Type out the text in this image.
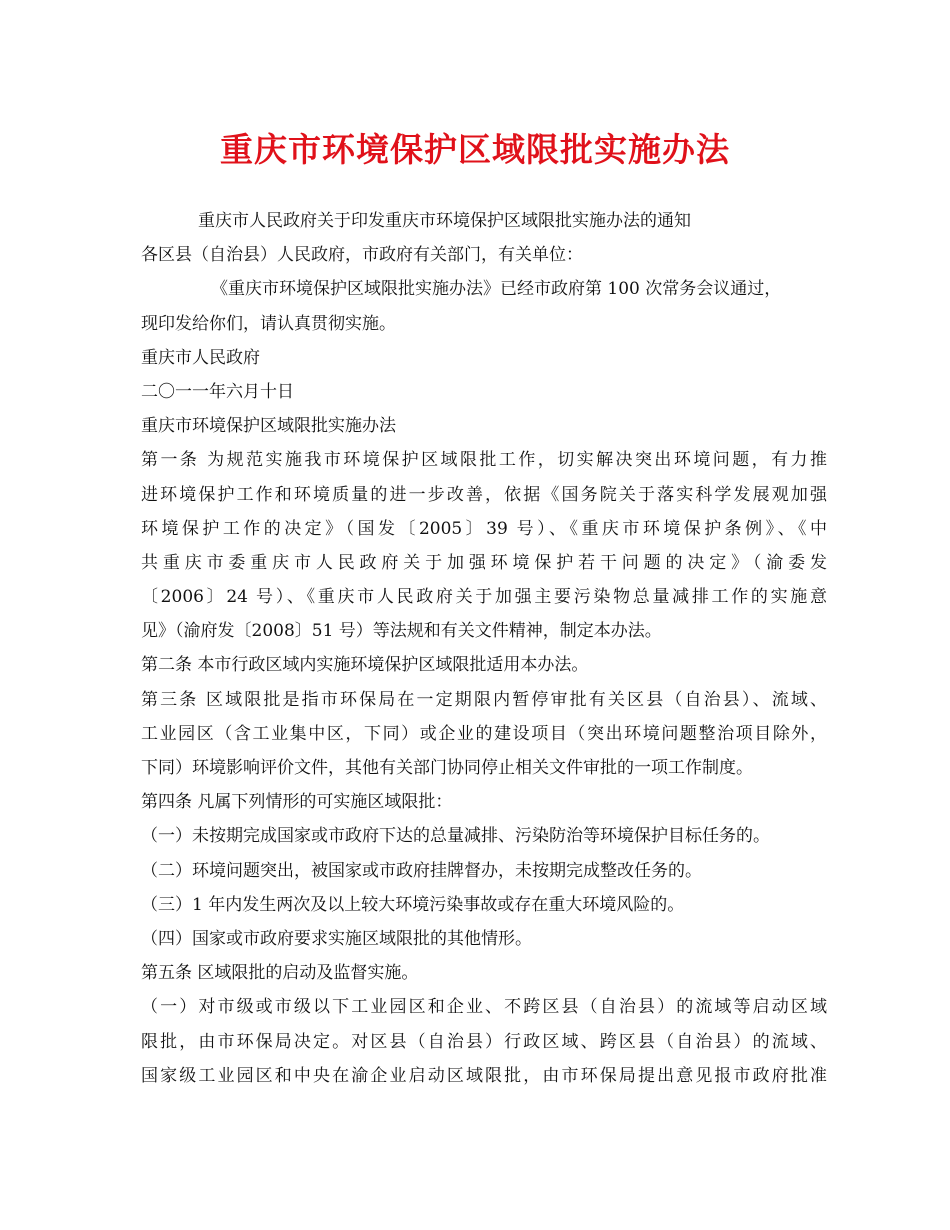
重庆市环境保护区域限批实施办法
重庆市人民政府关于印发重庆市环境保护区域限批实施办法的通知
各区县（自治县）人民政府，市政府有关部门，有关单位：
《重庆市环境保护区域限批实施办法》已经市政府第 100 次常务会议通过，
现印发给你们，请认真贯彻实施。
重庆市人民政府
二〇一一年六月十日
重庆市环境保护区域限批实施办法
第一条 为规范实施我市环境保护区域限批工作，切实解决突出环境问题，有力推
进环境保护工作和环境质量的进一步改善，依据《国务院关于落实科学发展观加强
环境保护工作的决定》（国发〔2005〕39 号）、《重庆市环境保护条例》、《中
共重庆市委重庆市人民政府关于加强环境保护若干问题的决定》（渝委发
〔2006〕24 号）、《重庆市人民政府关于加强主要污染物总量减排工作的实施意
见》（渝府发〔2008〕51 号）等法规和有关文件精神，制定本办法。
第二条 本市行政区域内实施环境保护区域限批适用本办法。
第三条 区域限批是指市环保局在一定期限内暂停审批有关区县（自治县）、流域、
工业园区（含工业集中区，下同）或企业的建设项目（突出环境问题整治项目除外，
下同）环境影响评价文件，其他有关部门协同停止相关文件审批的一项工作制度。
第四条 凡属下列情形的可实施区域限批：
（一）未按期完成国家或市政府下达的总量减排、污染防治等环境保护目标任务的。
（二）环境问题突出，被国家或市政府挂牌督办，未按期完成整改任务的。
（三）1 年内发生两次及以上较大环境污染事故或存在重大环境风险的。
（四）国家或市政府要求实施区域限批的其他情形。
第五条 区域限批的启动及监督实施。
（一）对市级或市级以下工业园区和企业、不跨区县（自治县）的流域等启动区域
限批，由市环保局决定。对区县（自治县）行政区域、跨区县（自治县）的流域、
国家级工业园区和中央在渝企业启动区域限批，由市环保局提出意见报市政府批准
